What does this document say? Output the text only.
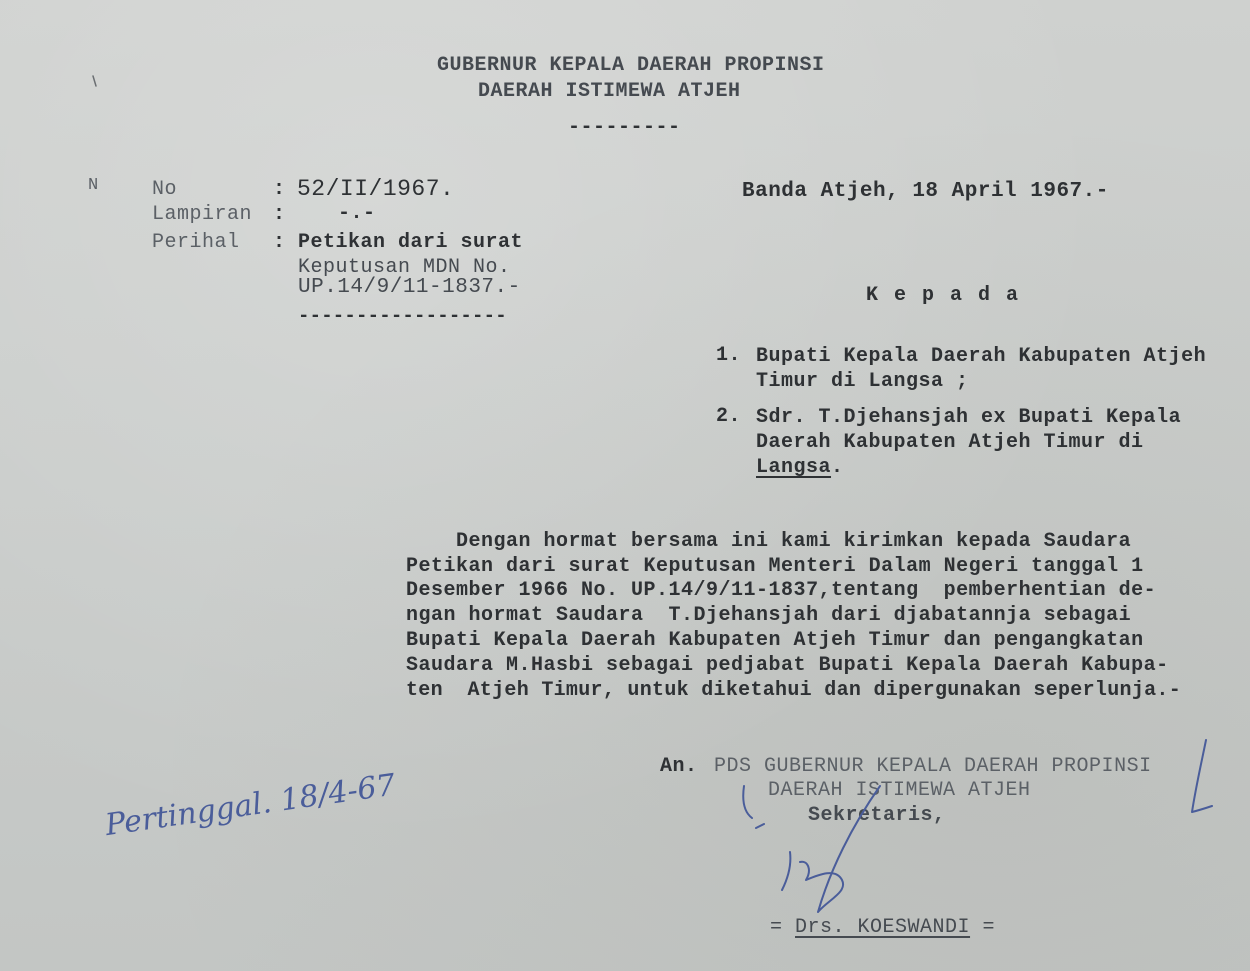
GUBERNUR KEPALA DAERAH PROPINSI
DAERAH ISTIMEWA ATJEH
---------
N	No	: 52/II/1967.
Lampiran :	-.-
Perihal : Petikan dari surat
Keputusan MDN No.
UP.14/9/11-1837.-
------------------
Banda Atjeh, 18 April 1967.-
K e p a d a
1. Bupati Kepala Daerah Kabupaten Atjeh
Timur di Langsa ;
2. Sdr. T.Djehansjah ex Bupati Kepala
Daerah Kabupaten Atjeh Timur di
Langsa.
Dengan hormat bersama ini kami kirimkan kepada Saudara
Petikan dari surat Keputusan Menteri Dalam Negeri tanggal 1
Desember 1966 No. UP.14/9/11-1837,tentang  pemberhentian de-
ngan hormat Saudara  T.Djehansjah dari djabatannja sebagai
Bupati Kepala Daerah Kabupaten Atjeh Timur dan pengangkatan
Saudara M.Hasbi sebagai pedjabat Bupati Kepala Daerah Kabupa-
ten  Atjeh Timur, untuk diketahui dan dipergunakan seperlunja.-
An. PDS GUBERNUR KEPALA DAERAH PROPINSI
DAERAH ISTIMEWA ATJEH
Sekretaris,
= Drs. KOESWANDI =
Pertinggal. 18/4-67
